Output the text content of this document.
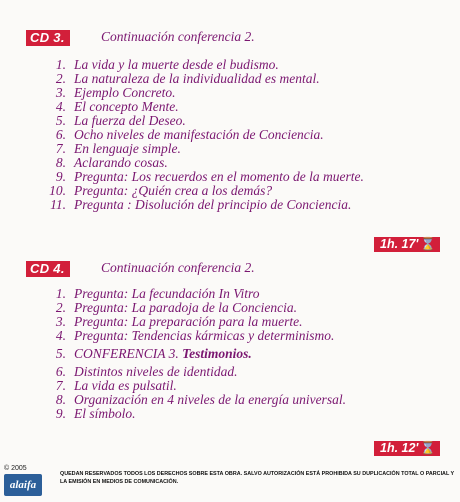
CD 3.	Continuación conferencia 2.
1. La vida y la muerte desde el budismo.
2. La naturaleza de la individualidad es mental.
3. Ejemplo Concreto.
4. El concepto Mente.
5. La fuerza del Deseo.
6. Ocho niveles de manifestación de Conciencia.
7. En lenguaje simple.
8. Aclarando cosas.
9. Pregunta: Los recuerdos en el momento de la muerte.
10. Pregunta: ¿Quién crea a los demás?
11. Pregunta : Disolución del principio de Conciencia.
1h. 17' ⌛
CD 4.	Continuación conferencia 2.
1. Pregunta: La fecundación In Vitro
2. Pregunta: La paradoja de la Conciencia.
3. Pregunta: La preparación para la muerte.
4. Pregunta: Tendencias kármicas y determinismo.
5. CONFERENCIA 3. Testimonios.
6. Distintos niveles de identidad.
7. La vida es pulsatil.
8. Organización en 4 niveles de la energía universal.
9. El símbolo.
1h. 12' ⌛
© 2005

alaifa
QUEDAN RESERVADOS TODOS LOS DERECHOS SOBRE ESTA OBRA. SALVO AUTORIZACIÓN ESTÁ PROHIBIDA SU DUPLICACIÓN TOTAL O PARCIAL Y LA EMISIÓN EN MEDIOS DE COMUNICACIÓN.
